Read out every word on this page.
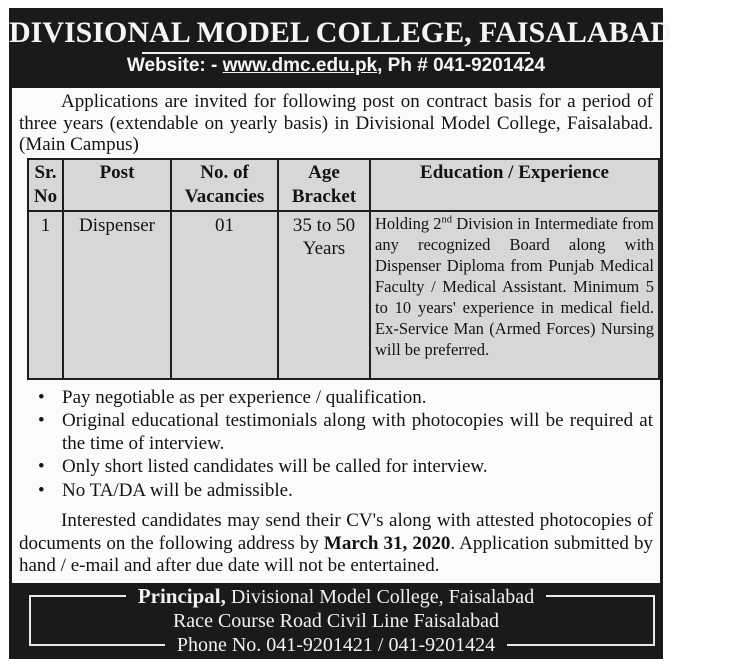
DIVISIONAL MODEL COLLEGE, FAISALABAD
Website: - www.dmc.edu.pk, Ph # 041-9201424
Applications are invited for following post on contract basis for a period of three years (extendable on yearly basis) in Divisional Model College, Faisalabad. (Main Campus)
Sr. No	Post	No. of Vacancies	Age Bracket	Education / Experience
1	Dispenser	01	35 to 50 Years	Holding 2nd Division in Intermediate from any recognized Board along with Dispenser Diploma from Punjab Medical Faculty / Medical Assistant. Minimum 5 to 10 years' experience in medical field. Ex-Service Man (Armed Forces) Nursing will be preferred.
• Pay negotiable as per experience / qualification.
• Original educational testimonials along with photocopies will be required at the time of interview.
• Only short listed candidates will be called for interview.
• No TA/DA will be admissible.
Interested candidates may send their CV's along with attested photocopies of documents on the following address by March 31, 2020. Application submitted by hand / e-mail and after due date will not be entertained.
Principal, Divisional Model College, Faisalabad
Race Course Road Civil Line Faisalabad
Phone No. 041-9201421 / 041-9201424
